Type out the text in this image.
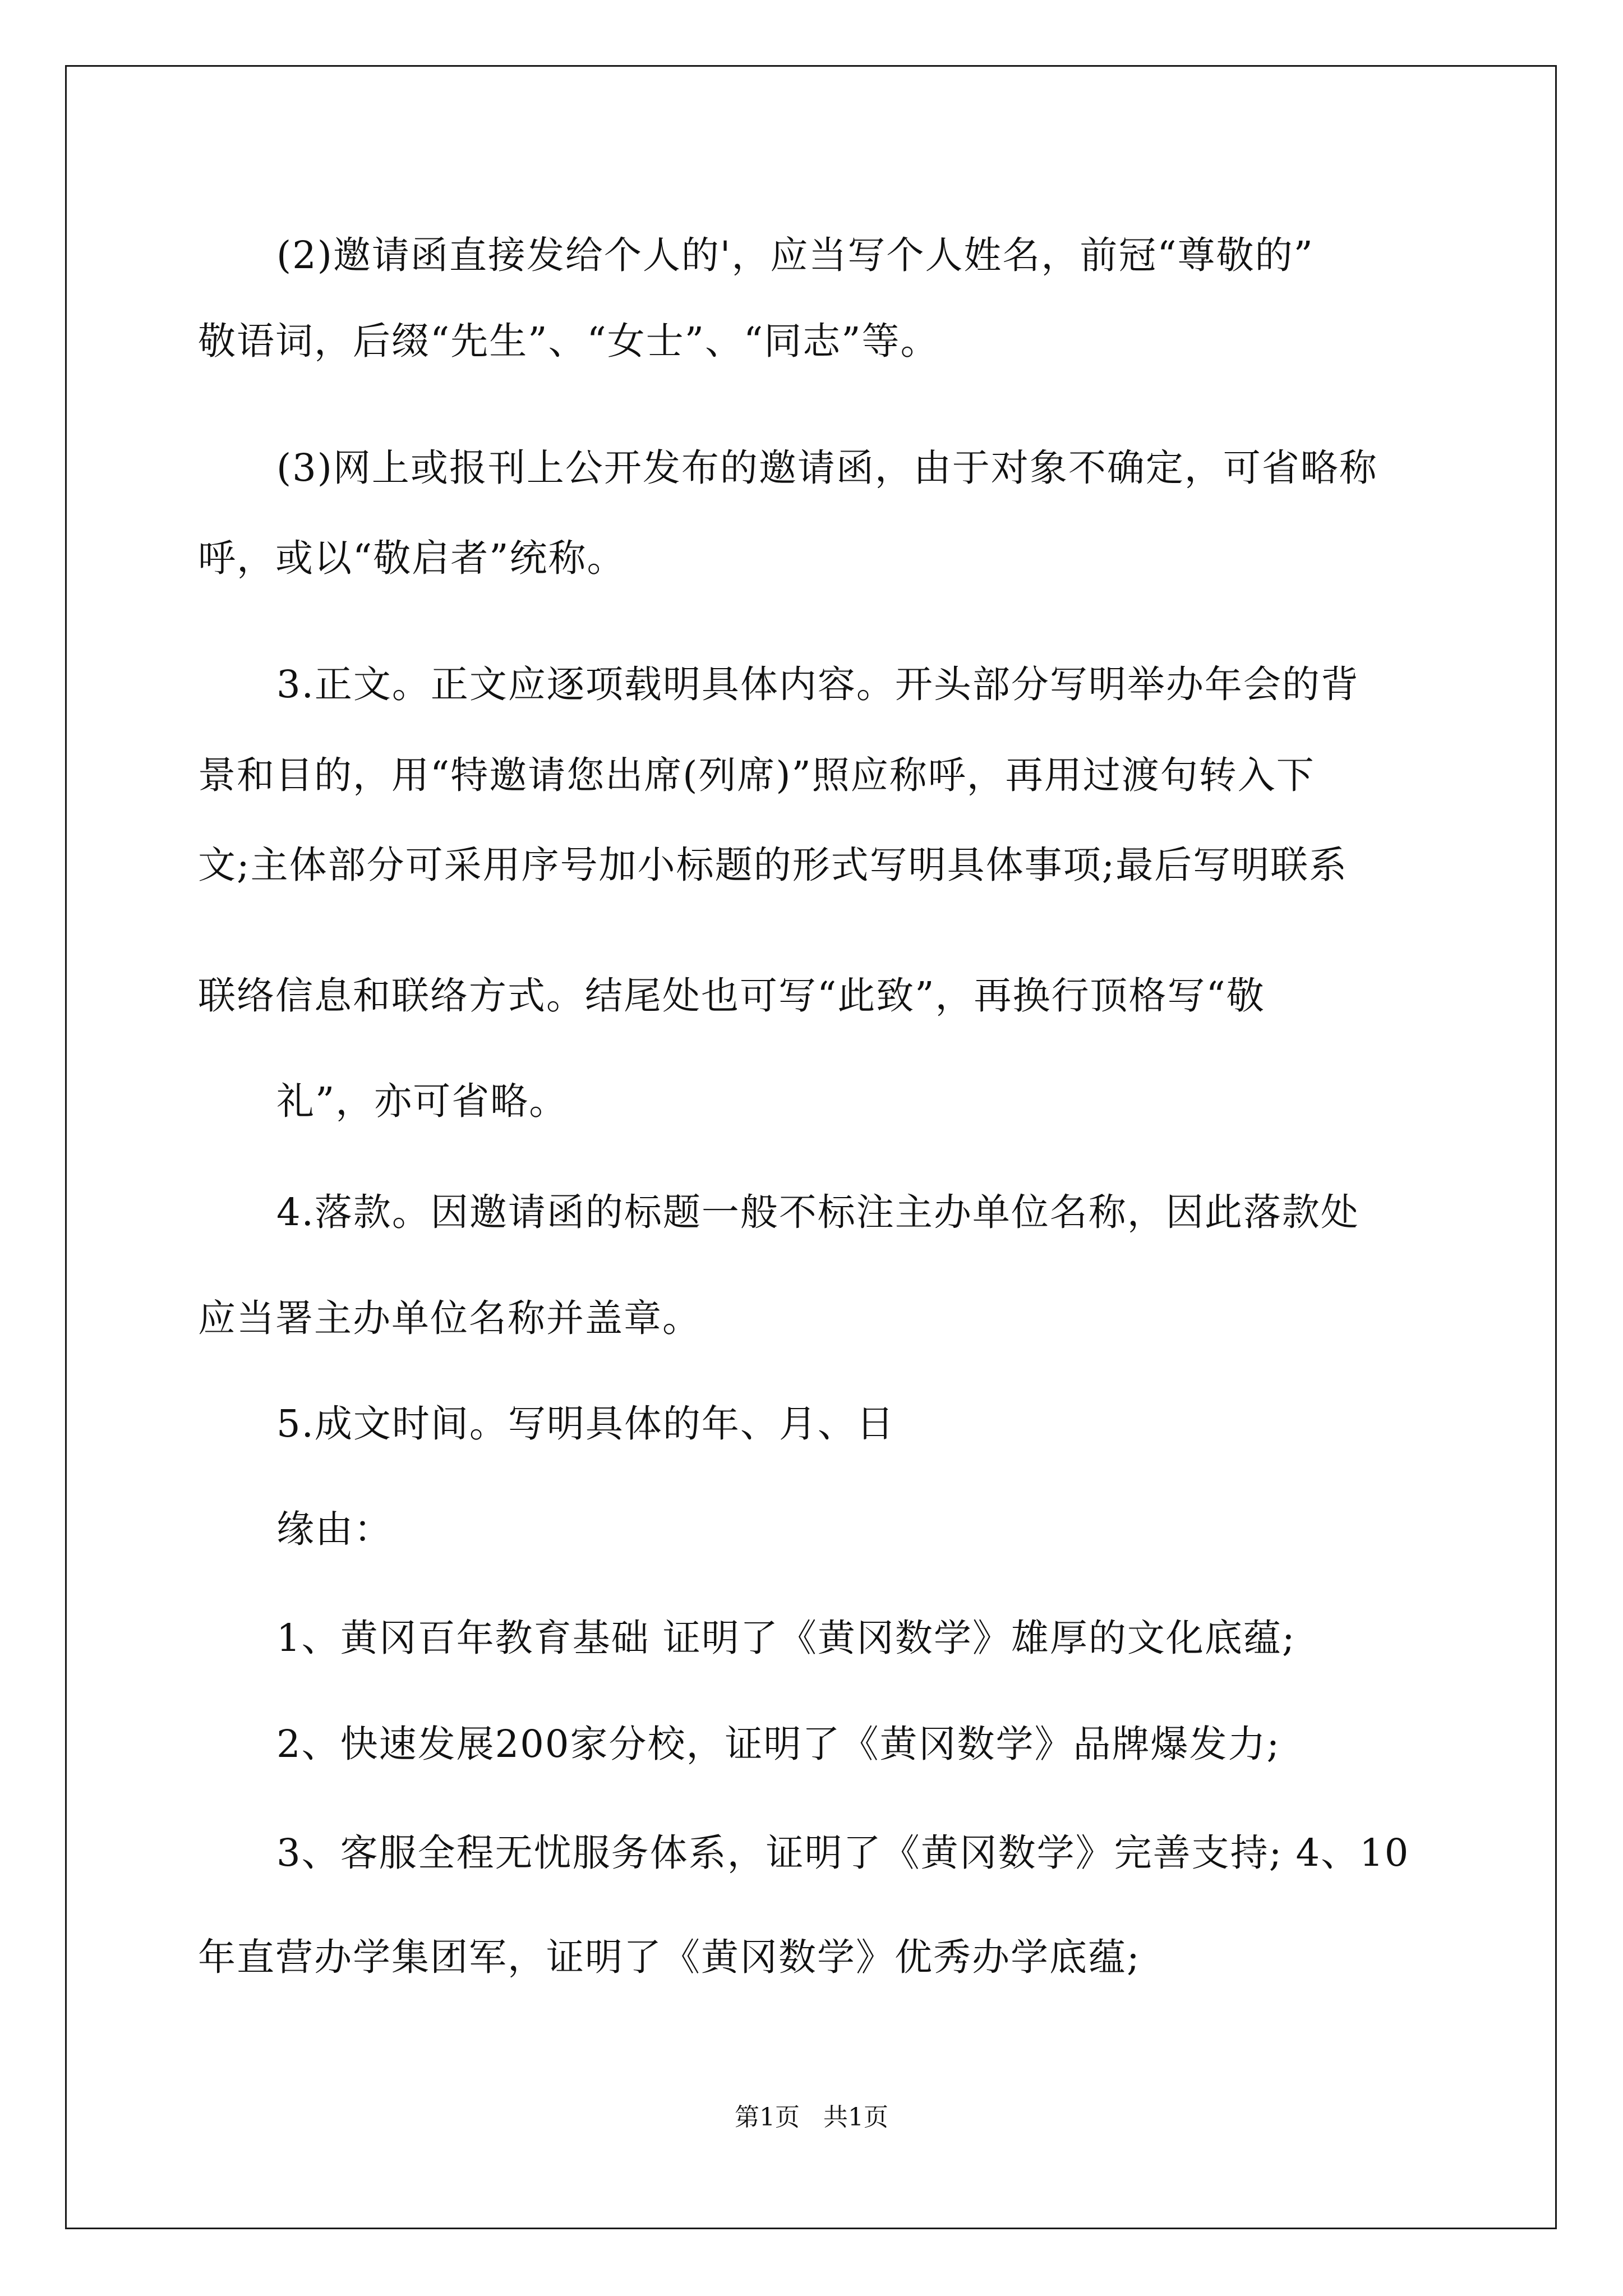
(2)邀请函直接发给个人的'，应当写个人姓名，前冠“尊敬的”
敬语词，后缀“先生”、“女士”、“同志”等。
(3)网上或报刊上公开发布的邀请函，由于对象不确定，可省略称
呼，或以“敬启者”统称。
3.正文。正文应逐项载明具体内容。开头部分写明举办年会的背
景和目的，用“特邀请您出席(列席)”照应称呼，再用过渡句转入下
文;主体部分可采用序号加小标题的形式写明具体事项;最后写明联系
联络信息和联络方式。结尾处也可写“此致”，再换行顶格写“敬
礼”，亦可省略。
4.落款。因邀请函的标题一般不标注主办单位名称，因此落款处
应当署主办单位名称并盖章。
5.成文时间。写明具体的年、月、日
缘由：
1、黄冈百年教育基础 证明了《黄冈数学》雄厚的文化底蕴;
2、快速发展200家分校，证明了《黄冈数学》品牌爆发力;
3、客服全程无忧服务体系，证明了《黄冈数学》完善支持; 4、10
年直营办学集团军，证明了《黄冈数学》优秀办学底蕴;
第1页   共1页
